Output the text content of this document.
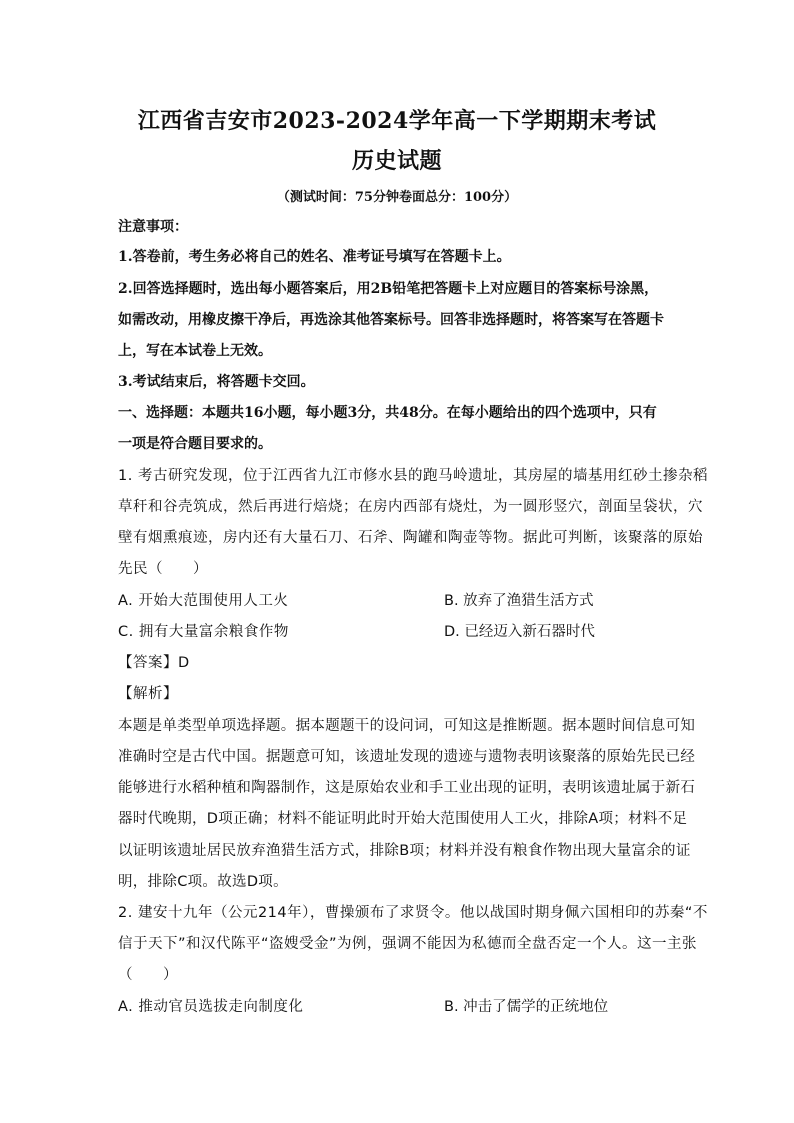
江西省吉安市2023-2024学年高一下学期期末考试
历史试题
（测试时间：75分钟卷面总分：100分）
注意事项：
1.答卷前，考生务必将自己的姓名、准考证号填写在答题卡上。
2.回答选择题时，选出每小题答案后，用2B铅笔把答题卡上对应题目的答案标号涂黑，
如需改动，用橡皮擦干净后，再选涂其他答案标号。回答非选择题时，将答案写在答题卡
上，写在本试卷上无效。
3.考试结束后，将答题卡交回。
一、选择题：本题共16小题，每小题3分，共48分。在每小题给出的四个选项中，只有
一项是符合题目要求的。
1. 考古研究发现，位于江西省九江市修水县的跑马岭遗址，其房屋的墙基用红砂土掺杂稻
草秆和谷壳筑成，然后再进行焙烧；在房内西部有烧灶，为一圆形竖穴，剖面呈袋状，穴
壁有烟熏痕迹，房内还有大量石刀、石斧、陶罐和陶壶等物。据此可判断，该聚落的原始
先民（　　）
A. 开始大范围使用人工火	B. 放弃了渔猎生活方式
C. 拥有大量富余粮食作物	D. 已经迈入新石器时代
【答案】D
【解析】
本题是单类型单项选择题。据本题题干的设问词，可知这是推断题。据本题时间信息可知
准确时空是古代中国。据题意可知，该遗址发现的遗迹与遗物表明该聚落的原始先民已经
能够进行水稻种植和陶器制作，这是原始农业和手工业出现的证明，表明该遗址属于新石
器时代晚期，D项正确；材料不能证明此时开始大范围使用人工火，排除A项；材料不足
以证明该遗址居民放弃渔猎生活方式，排除B项；材料并没有粮食作物出现大量富余的证
明，排除C项。故选D项。
2. 建安十九年（公元214年），曹操颁布了求贤令。他以战国时期身佩六国相印的苏秦“不
信于天下”和汉代陈平“盗嫂受金”为例，强调不能因为私德而全盘否定一个人。这一主张
（　　）
A. 推动官员选拔走向制度化	B. 冲击了儒学的正统地位
